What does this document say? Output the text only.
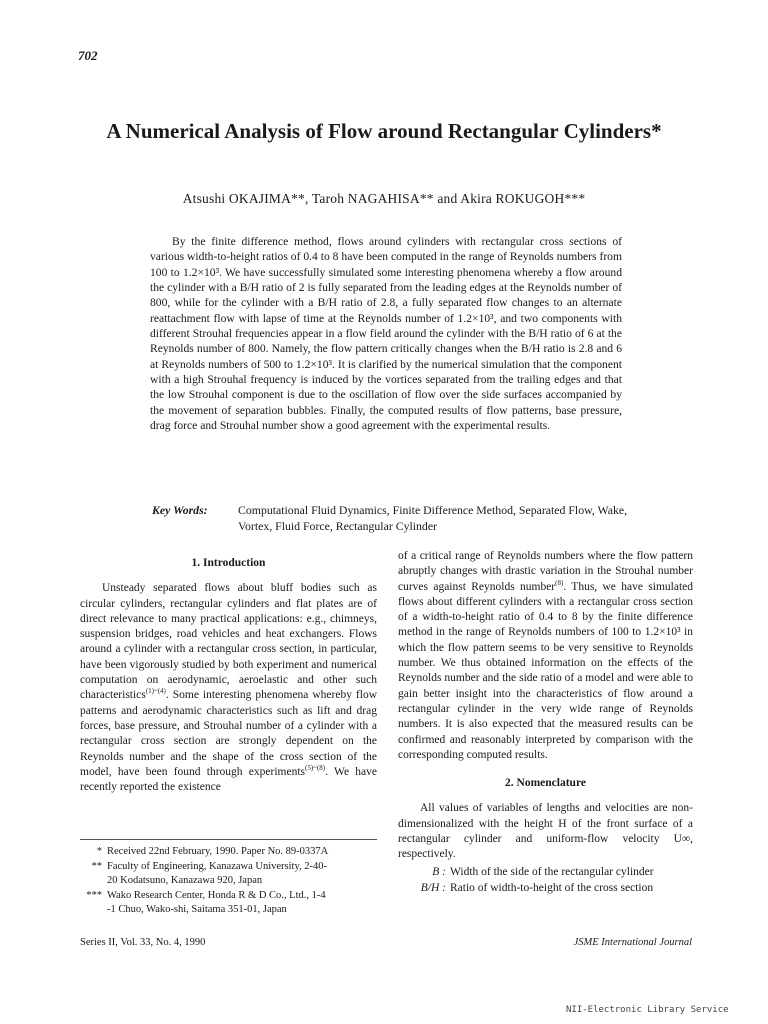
702
A Numerical Analysis of Flow around Rectangular Cylinders*
Atsushi OKAJIMA**, Taroh NAGAHISA** and Akira ROKUGOH***
By the finite difference method, flows around cylinders with rectangular cross sections of various width-to-height ratios of 0.4 to 8 have been computed in the range of Reynolds numbers from 100 to 1.2×10³. We have successfully simulated some interesting phenomena whereby a flow around the cylinder with a B/H ratio of 2 is fully separated from the leading edges at the Reynolds number of 800, while for the cylinder with a B/H ratio of 2.8, a fully separated flow changes to an alternate reattachment flow with lapse of time at the Reynolds number of 1.2×10³, and two components with different Strouhal frequencies appear in a flow field around the cylinder with the B/H ratio of 6 at the Reynolds number of 800. Namely, the flow pattern critically changes when the B/H ratio is 2.8 and 6 at Reynolds numbers of 500 to 1.2×10³. It is clarified by the numerical simulation that the component with a high Strouhal frequency is induced by the vortices separated from the trailing edges and that the low Strouhal component is due to the oscillation of flow over the side surfaces accompanied by the movement of separation bubbles. Finally, the computed results of flow patterns, base pressure, drag force and Strouhal number show a good agreement with the experimental results.
Key Words:	Computational Fluid Dynamics, Finite Difference Method, Separated Flow, Wake, Vortex, Fluid Force, Rectangular Cylinder
1. Introduction

Unsteady separated flows about bluff bodies such as circular cylinders, rectangular cylinders and flat plates are of direct relevance to many practical applications: e.g., chimneys, suspension bridges, road vehicles and heat exchangers. Flows around a cylinder with a rectangular cross section, in particular, have been vigorously studied by both experiment and numerical computation on aerodynamic, aeroelastic and other such characteristics$^{(1)\sim(4)}$. Some interesting phenomena whereby flow patterns and aerodynamic characteristics such as lift and drag forces, base pressure, and Strouhal number of a cylinder with a rectangular cross section are strongly dependent on the Reynolds number and the shape of the cross section of the model, have been found through experiments$^{(5)\sim(8)}$. We have recently reported the existence

of a critical range of Reynolds numbers where the flow pattern abruptly changes with drastic variation in the Strouhal number curves against Reynolds number$^{(8)}$. Thus, we have simulated flows about different cylinders with a rectangular cross section of a width-to-height ratio of 0.4 to 8 by the finite difference method in the range of Reynolds numbers of 100 to 1.2×10³ in which the flow pattern seems to be very sensitive to Reynolds number. We thus obtained information on the effects of the Reynolds number and the side ratio of a model and were able to gain better insight into the characteristics of flow around a rectangular cylinder in the very wide range of Reynolds numbers. It is also expected that the measured results can be confirmed and reasonably interpreted by comparison with the corresponding computed results.

2. Nomenclature

All values of variables of lengths and velocities are non-dimensionalized with the height H of the front surface of a rectangular cylinder and uniform-flow velocity U∞, respectively.

B : Width of the side of the rectangular cylinder
B/H : Ratio of width-to-height of the cross section
* Received 22nd February, 1990. Paper No. 89-0337A
** Faculty of Engineering, Kanazawa University, 2-40-
20 Kodatsuno, Kanazawa 920, Japan
*** Wako Research Center, Honda R & D Co., Ltd., 1-4
-1 Chuo, Wako-shi, Saitama 351-01, Japan
Series II, Vol. 33, No. 4, 1990	JSME International Journal
NII-Electronic Library Service
